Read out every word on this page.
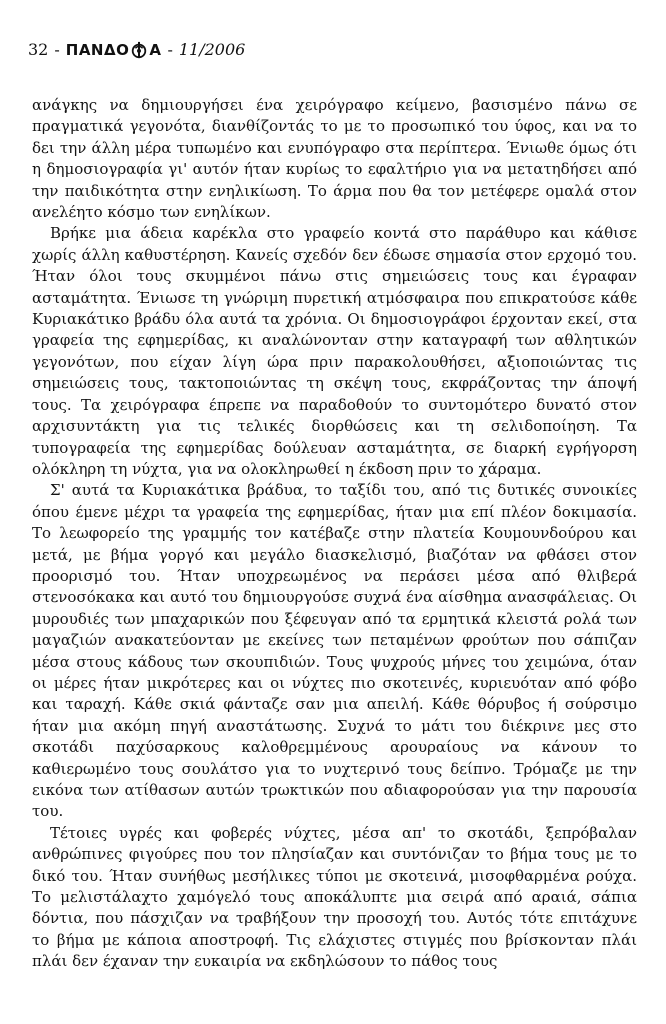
32 - ΠΑΝΔΟ Α - 11/2006

ανάγκης να δημιουργήσει ένα χειρόγραφο κείμενο, βασισμένο πάνω σε πραγματικά γεγονότα, διανθίζοντάς το με το προσωπικό του ύφος, και να το δει την άλλη μέρα τυπωμένο και ενυπόγραφο στα περίπτερα. Ένιωθε όμως ότι η δημοσιογραφία γι' αυτόν ήταν κυρίως το εφαλτήριο για να μετατηδήσει από την παιδικότητα στην ενηλικίωση. Το άρμα που θα τον μετέφερε ομαλά στον ανελέητο κόσμο των ενηλίκων.

Βρήκε μια άδεια καρέκλα στο γραφείο κοντά στο παράθυρο και κάθισε χωρίς άλλη καθυστέρηση. Κανείς σχεδόν δεν έδωσε σημασία στον ερχομό του. Ήταν όλοι τους σκυμμένοι πάνω στις σημειώσεις τους και έγραφαν ασταμάτητα. Ένιωσε τη γνώριμη πυρετική ατμόσφαιρα που επικρατούσε κάθε Κυριακάτικο βράδυ όλα αυτά τα χρόνια. Οι δημοσιογράφοι έρχονταν εκεί, στα γραφεία της εφημερίδας, κι αναλώνονταν στην καταγραφή των αθλητικών γεγονότων, που είχαν λίγη ώρα πριν παρακολουθήσει, αξιοποιώντας τις σημειώσεις τους, τακτοποιώντας τη σκέψη τους, εκφράζοντας την άποψή τους. Τα χειρόγραφα έπρεπε να παραδοθούν το συντομότερο δυνατό στον αρχισυντάκτη για τις τελικές διορθώσεις και τη σελιδοποίηση. Τα τυπογραφεία της εφημερίδας δούλευαν ασταμάτητα, σε διαρκή εγρήγορση ολόκληρη τη νύχτα, για να ολοκληρωθεί η έκδοση πριν το χάραμα.

Σ' αυτά τα Κυριακάτικα βράδυα, το ταξίδι του, από τις δυτικές συνοικίες όπου έμενε μέχρι τα γραφεία της εφημερίδας, ήταν μια επί πλέον δοκιμασία. Το λεωφορείο της γραμμής τον κατέβαζε στην πλατεία Κουμουνδούρου και μετά, με βήμα γοργό και μεγάλο διασκελισμό, βιαζόταν να φθάσει στον προορισμό του. Ήταν υποχρεωμένος να περάσει μέσα από θλιβερά στενοσόκακα και αυτό του δημιουργούσε συχνά ένα αίσθημα ανασφάλειας. Οι μυρουδιές των μπαχαρικών που ξέφευγαν από τα ερμητικά κλειστά ρολά των μαγαζιών ανακατεύονταν με εκείνες των πεταμένων φρούτων που σάπιζαν μέσα στους κάδους των σκουπιδιών. Τους ψυχρούς μήνες του χειμώνα, όταν οι μέρες ήταν μικρότερες και οι νύχτες πιο σκοτεινές, κυριευόταν από φόβο και ταραχή. Κάθε σκιά φάνταζε σαν μια απειλή. Κάθε θόρυβος ή σούρσιμο ήταν μια ακόμη πηγή αναστάτωσης. Συχνά το μάτι του διέκρινε μες στο σκοτάδι παχύσαρκους καλοθρεμμένους αρουραίους να κάνουν το καθιερωμένο τους σουλάτσο για το νυχτερινό τους δείπνο. Τρόμαζε με την εικόνα των ατίθασων αυτών τρωκτικών που αδιαφορούσαν για την παρουσία του.

Τέτοιες υγρές και φοβερές νύχτες, μέσα απ' το σκοτάδι, ξεπρόβαλαν ανθρώπινες φιγούρες που τον πλησίαζαν και συντόνιζαν το βήμα τους με το δικό του. Ήταν συνήθως μεσήλικες τύποι με σκοτεινά, μισοφθαρμένα ρούχα. Το μελιστάλαχτο χαμόγελό τους αποκάλυπτε μια σειρά από αραιά, σάπια δόντια, που πάσχιζαν να τραβήξουν την προσοχή του. Αυτός τότε επιτάχυνε το βήμα με κάποια αποστροφή. Τις ελάχιστες στιγμές που βρίσκονταν πλάι πλάι δεν έχαναν την ευκαιρία να εκδηλώσουν το πάθος τους
